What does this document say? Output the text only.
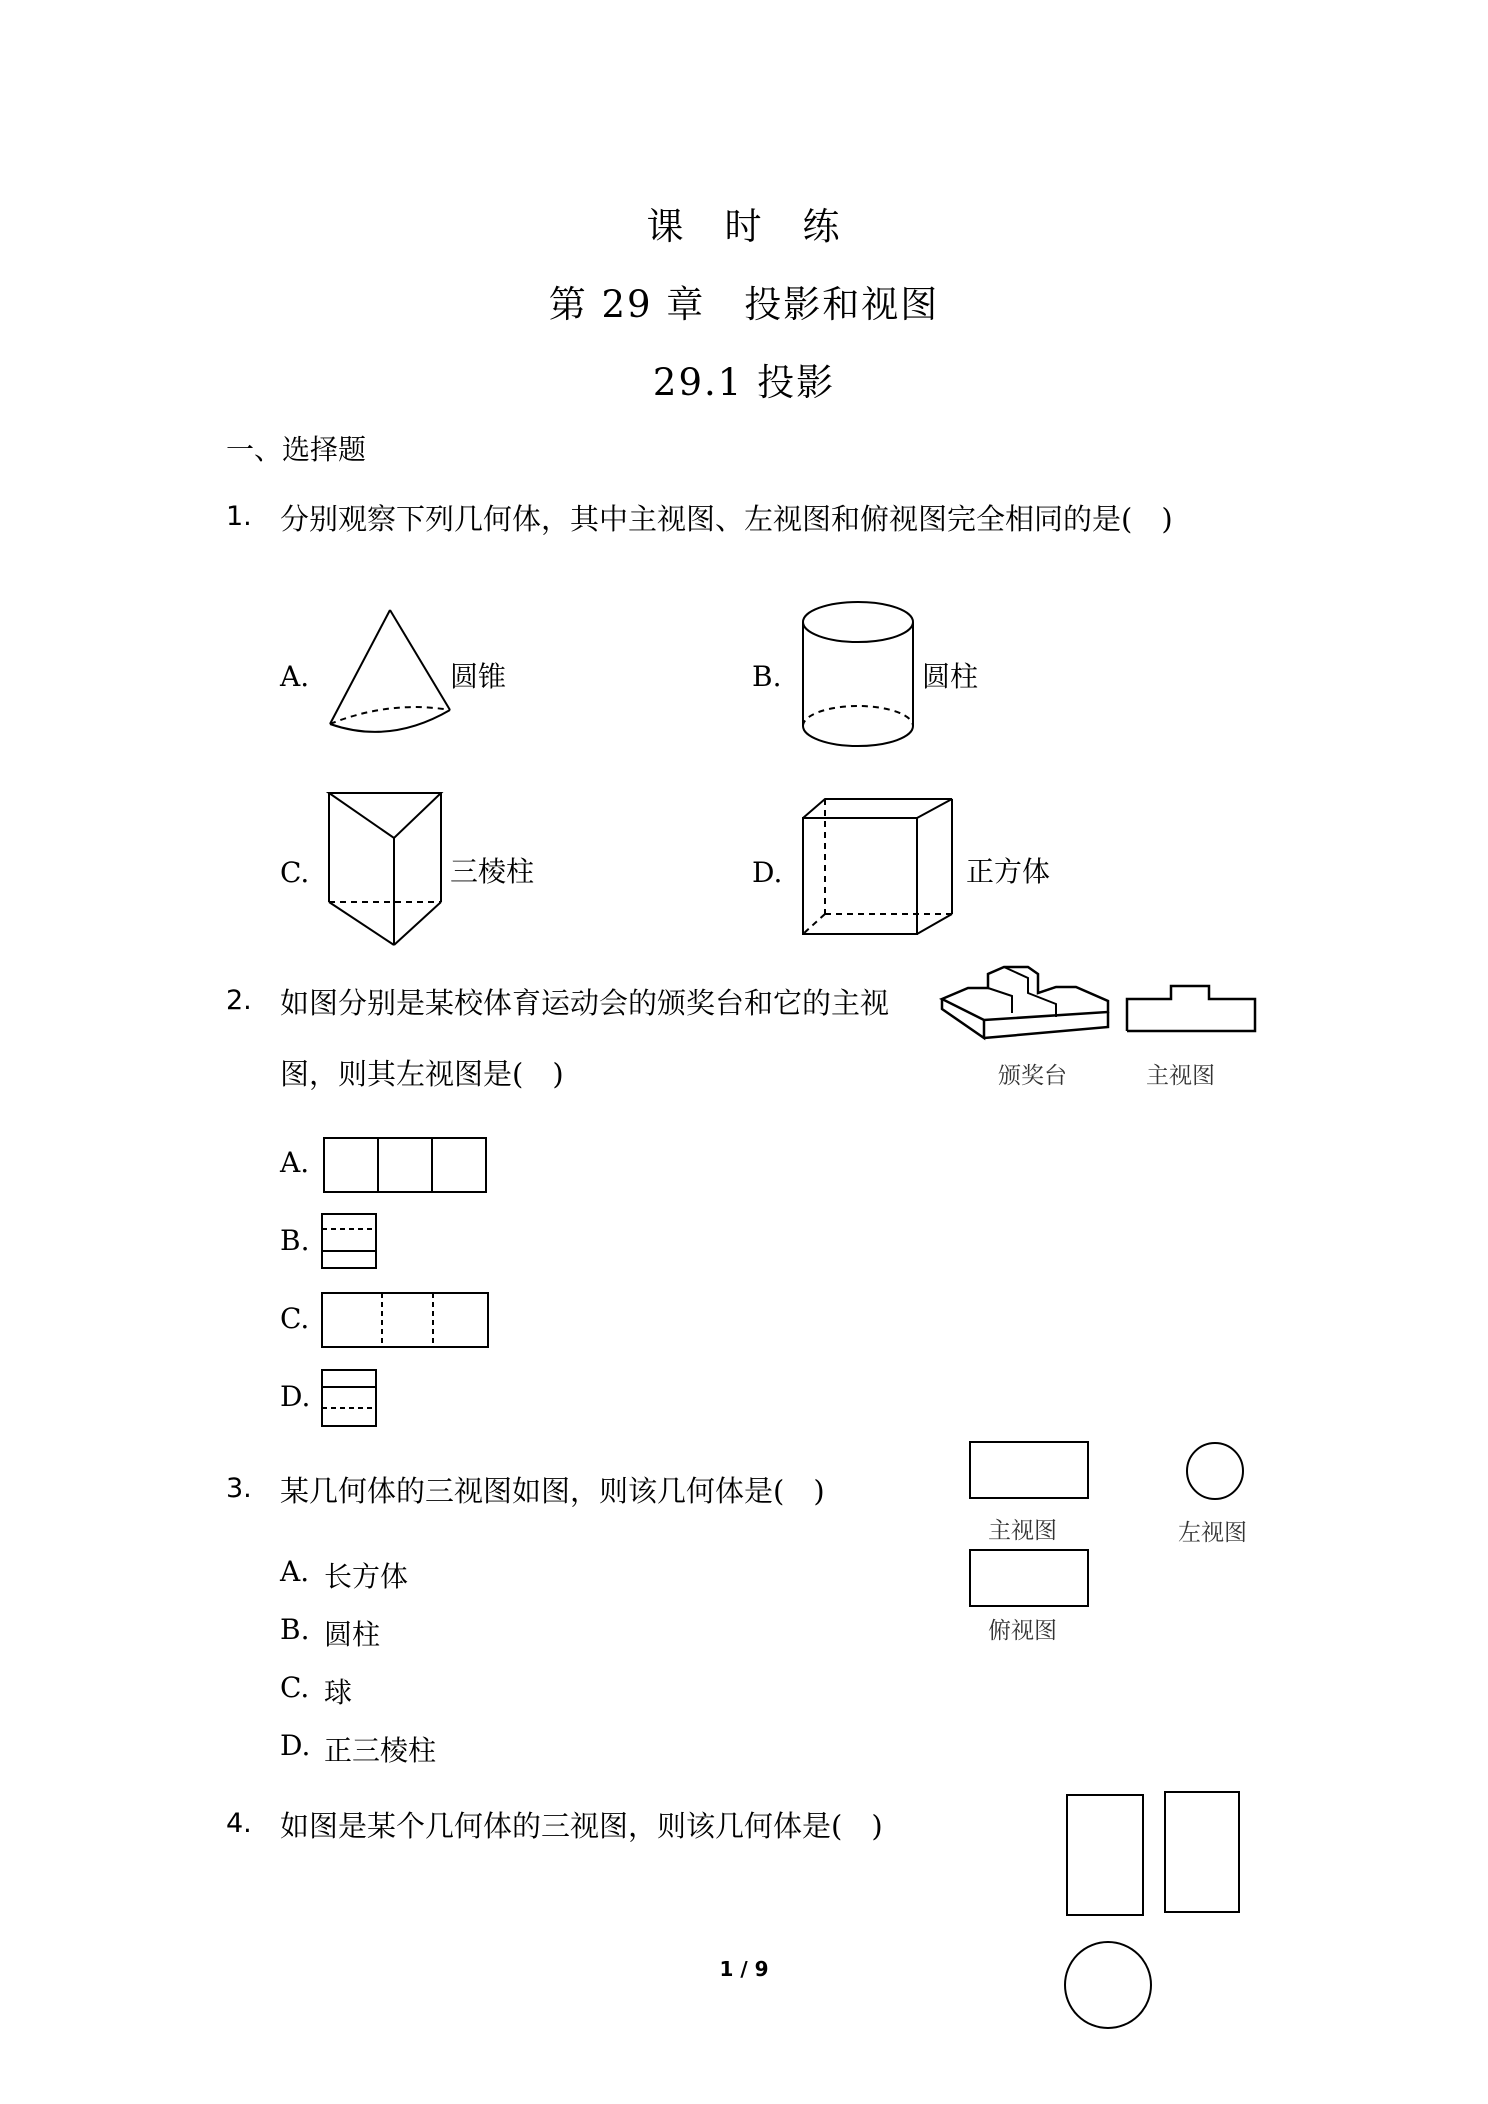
课　时　练
第 29 章　投影和视图
29.1 投影
一、选择题
1. 分别观察下列几何体，其中主视图、左视图和俯视图完全相同的是(　)
A.	圆锥	B.	圆柱
C.	三棱柱	D.	正方体
2. 如图分别是某校体育运动会的颁奖台和它的主视
图，则其左视图是(　)	颁奖台	主视图
A.
B.
C.
D.
3. 某几何体的三视图如图，则该几何体是(　)
主视图	左视图
俯视图
A. 长方体
B. 圆柱
C. 球
D. 正三棱柱
4. 如图是某个几何体的三视图，则该几何体是(　)
1 / 9
